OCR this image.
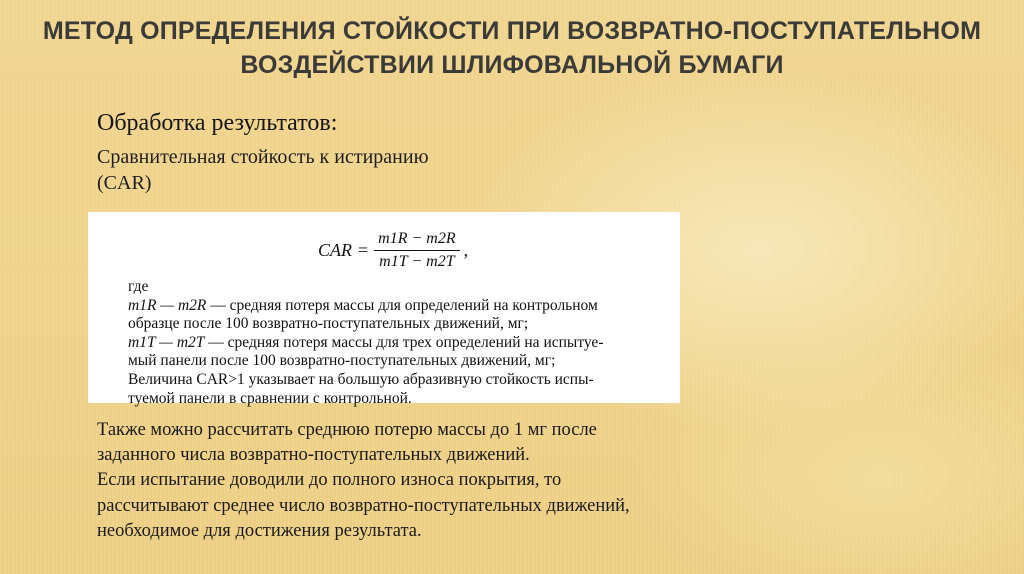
МЕТОД ОПРЕДЕЛЕНИЯ СТОЙКОСТИ ПРИ ВОЗВРАТНО-ПОСТУПАТЕЛЬНОМ
ВОЗДЕЙСТВИИ ШЛИФОВАЛЬНОЙ БУМАГИ
Обработка результатов:
Сравнительная стойкость к истиранию
(CAR)
CAR = $\frac{m1R - m2R}{m1T - m2T}$ ,

где

m1R — m2R — средняя потеря массы для определений на контрольном

образце после 100 возвратно-поступательных движений, мг;

m1T — m2T — средняя потеря массы для трех определений на испытуе-

мый панели после 100 возвратно-поступательных движений, мг;

Величина CAR>1 указывает на большую абразивную стойкость испы-

туемой панели в сравнении с контрольной.

Также можно рассчитать среднюю потерю массы до 1 мг после

заданного числа возвратно-поступательных движений.

Если испытание доводили до полного износа покрытия, то

рассчитывают среднее число возвратно-поступательных движений,

необходимое для достижения результата.
